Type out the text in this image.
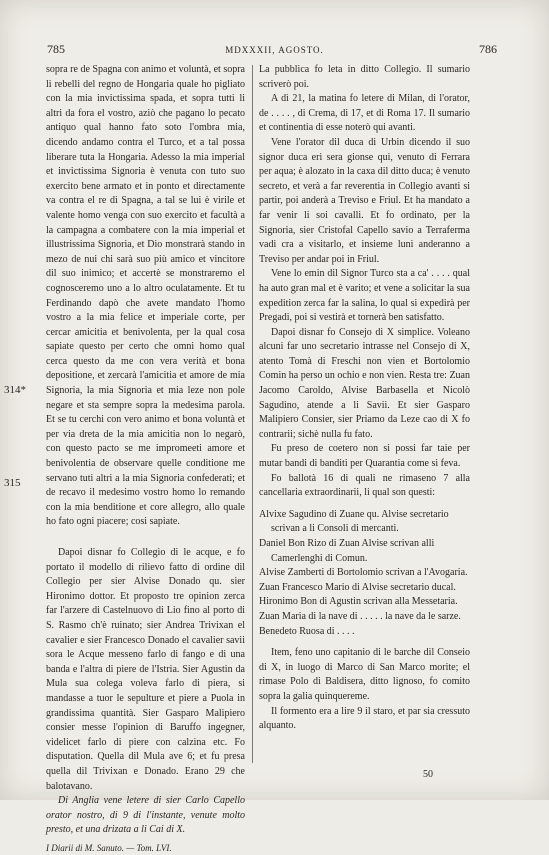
785	MDXXXII, AGOSTO.	786
314*
315

sopra re de Spagna con animo et voluntà, et sopra li rebelli del regno de Hongaria quale ho pigliato con la mia invictissima spada, et sopra tutti li altri da fora el vostro, aziò che pagano lo pecato antiquo qual hanno fato soto l'ombra mia, dicendo andamo contra el Turco, et a tal possa liberare tuta la Hongaria. Adesso la mia imperial et invictissima Signoria è venuta con tuto suo exercito bene armato et in ponto et directamente va contra el re di Spagna, a tal se lui è virile et valente homo venga con suo exercito et facultà a la campagna a combatere con la mia imperial et illustrissima Signoria, et Dio monstrarà stando in mezo de nui chi sarà suo più amico et vincitore dil suo inimico; et accertè se monstraremo el cognosceremo uno a lo altro oculatamente. Et tu Ferdinando dapò che avete mandato l'homo vostro a la mia felice et imperiale corte, per cercar amicitia et benivolenta, per la qual cosa sapiate questo per certo che omni homo qual cerca questo da me con vera verità et bona depositione, et zercarà l'amicitia et amore de mia Signoria, la mia Signoria et mia leze non pole negare et sta sempre sopra la medesima parola. Et se tu cerchi con vero animo et bona voluntà et per via dreta de la mia amicitia non lo negarò, con questo pacto se me impromeeti amore et benivolentia de observare quelle conditione me servano tuti altri a la mia Signoria confederati; et de recavo il medesimo vostro homo lo remando con la mia benditione et core allegro, allo quale ho fato ogni piacere; cosi sapiate.

Dapoi disnar fo Collegio di le acque, e fo portato il modello di rilievo fatto di ordine dil Collegio per sier Alvise Donado qu. sier Hironimo dottor. Et proposto tre opinion zerca far l'arzere di Castelnuovo di Lio fino al porto di S. Rasmo ch'è ruinato; sier Andrea Trivixan el cavalier e sier Francesco Donado el cavalier savii sora le Acque messeno farlo di fango e di una banda e l'altra di piere de l'Istria. Sier Agustin da Mula sua colega voleva farlo di piera, si mandasse a tuor le sepulture et piere a Puola in grandissima quantità. Sier Gasparo Malipiero consier messe l'opinion di Baruffo ingegner, videlicet farlo di piere con calzina etc. Fo disputation. Quella dil Mula ave 6; et fu presa quella dil Trivixan e Donado. Erano 29 che balotavano.

Di Anglia vene letere di sier Carlo Capello orator nostro, di 9 di l'instante, venute molto presto, et una drizata a li Cai di X.

I Diarii di M. Sanuto. — Tom. LVI.

La pubblica fo leta in ditto Collegio. Il sumario scriverò poi.

A dì 21, la matina fo letere di Milan, di l'orator, de . . . . , di Crema, di 17, et di Roma 17. Il sumario et continentia di esse noterò qui avanti.

Vene l'orator dil duca di Urbin dicendo il suo signor duca eri sera gionse qui, venuto di Ferrara per aqua; è alozato in la caxa dil ditto duca; è venuto secreto, et verà a far reverentia in Collegio avanti si partir, poi anderà a Treviso e Friul. Et ha mandato a far venir li soi cavalli. Et fo ordinato, per la Signoria, sier Cristofal Capello savio a Terraferma vadi cra a visitarlo, et insieme luni anderanno a Treviso per andar poi in Friul.

Vene lo emin dil Signor Turco sta a ca' . . . . qual ha auto gran mal et è varito; et vene a solicitar la sua expedition zerca far la salina, lo qual si expedirà per Pregadi, poi si vestirà et tornerà ben satisfatto.

Dapoi disnar fo Consejo di X simplice. Voleano alcuni far uno secretario intrasse nel Consejo di X, atento Tomà di Freschi non vien et Bortolomio Comin ha perso un ochio e non vien. Resta tre: Zuan Jacomo Caroldo, Alvise Barbasella et Nicolò Sagudino, atende a li Savii. Et sier Gasparo Malipiero Consier, sier Priamo da Leze cao di X fo contrarii; sichè nulla fu fato.

Fu preso de coetero non si possi far taie per mutar bandi di banditi per Quarantia come si feva.

Fo ballotà 16 di quali ne rimaseno 7 alla cancellaria extraordinarii, li qual son questi:

Alvixe Sagudino di Zuane qu. Alvise secretario scrivan a li Consoli di mercanti.

Daniel Bon Rizo di Zuan Alvise scrivan alli Camerlenghi di Comun.

Alvise Zamberti di Bortolomio scrivan a l'Avogaria.

Zuan Francesco Mario di Alvise secretario ducal.

Hironimo Bon di Agustin scrivan alla Messetaria.

Zuan Maria di la nave di . . . . . la nave da le sarze.

Benedeto Ruosa di . . . .

Item, feno uno capitanio di le barche dil Conseio di X, in luogo di Marco di San Marco morite; el rimase Polo di Baldisera, ditto lignoso, fo comito sopra la galia quinquereme.

Il formento era a lire 9 il staro, et par sia cressuto alquanto.

50
